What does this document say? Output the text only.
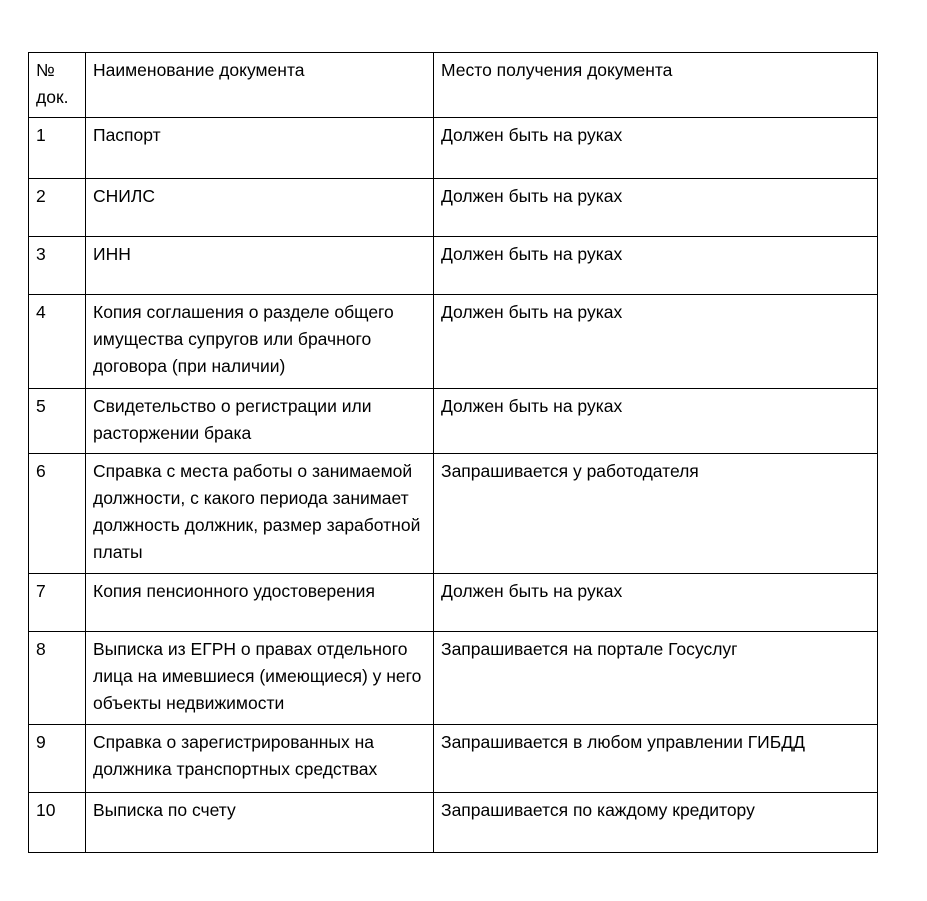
№ док.	Наименование документа	Место получения документа
1	Паспорт	Должен быть на руках
2	СНИЛС	Должен быть на руках
3	ИНН	Должен быть на руках
4	Копия соглашения о разделе общего имущества супругов или брачного договора (при наличии)	Должен быть на руках
5	Свидетельство о регистрации или расторжении брака	Должен быть на руках
6	Справка с места работы о занимаемой должности, с какого периода занимает должность должник, размер заработной платы	Запрашивается у работодателя
7	Копия пенсионного удостоверения	Должен быть на руках
8	Выписка из ЕГРН о правах отдельного лица на имевшиеся (имеющиеся) у него объекты недвижимости	Запрашивается на портале Госуслуг
9	Справка о зарегистрированных на должника транспортных средствах	Запрашивается в любом управлении ГИБДД
10	Выписка по счету	Запрашивается по каждому кредитору
